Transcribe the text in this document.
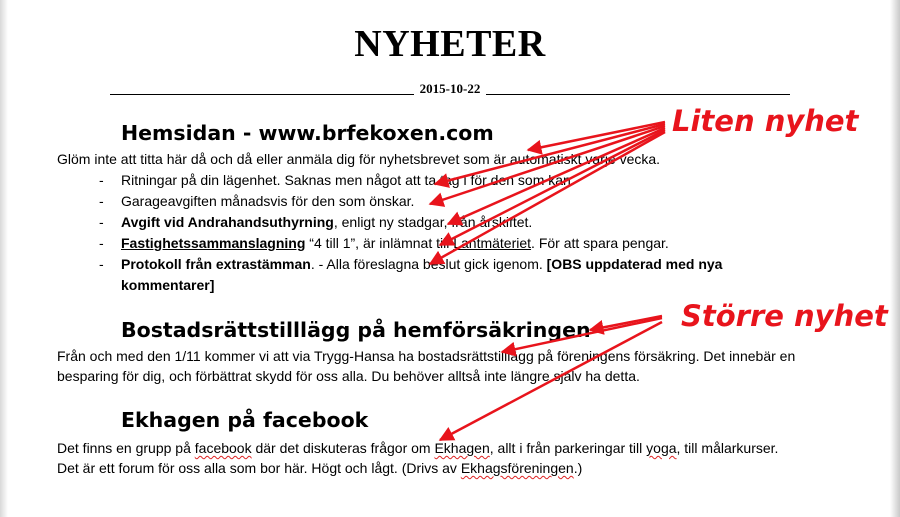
NYHETER
2015-10-22
Hemsidan - www.brfekoxen.com
Glöm inte att titta här då och då eller anmäla dig för nyhetsbrevet som är automatiskt varje vecka.
- Ritningar på din lägenhet. Saknas men något att ta tag i för den som kan.
- Garageavgiften månadsvis för den som önskar.
- Avgift vid Andrahandsuthyrning, enligt ny stadgar, från årskiftet.
- Fastighetssammanslagning “4 till 1”, är inlämnat till Lantmäteriet. För att spara pengar.
- Protokoll från extrastämman. - Alla föreslagna beslut gick igenom. [OBS uppdaterad med nya kommentarer]
Bostadsrättstilllägg på hemförsäkringen
Från och med den 1/11 kommer vi att via Trygg-Hansa ha bostadsrättstilllägg på föreningens försäkring. Det innebär en besparing för dig, och förbättrat skydd för oss alla. Du behöver alltså inte längre själv ha detta.
Ekhagen på facebook
Det finns en grupp på facebook där det diskuteras frågor om Ekhagen, allt i från parkeringar till yoga, till målarkurser. Det är ett forum för oss alla som bor här. Högt och lågt. (Drivs av Ekhagsföreningen.)
Liten nyhet
Större nyhet
